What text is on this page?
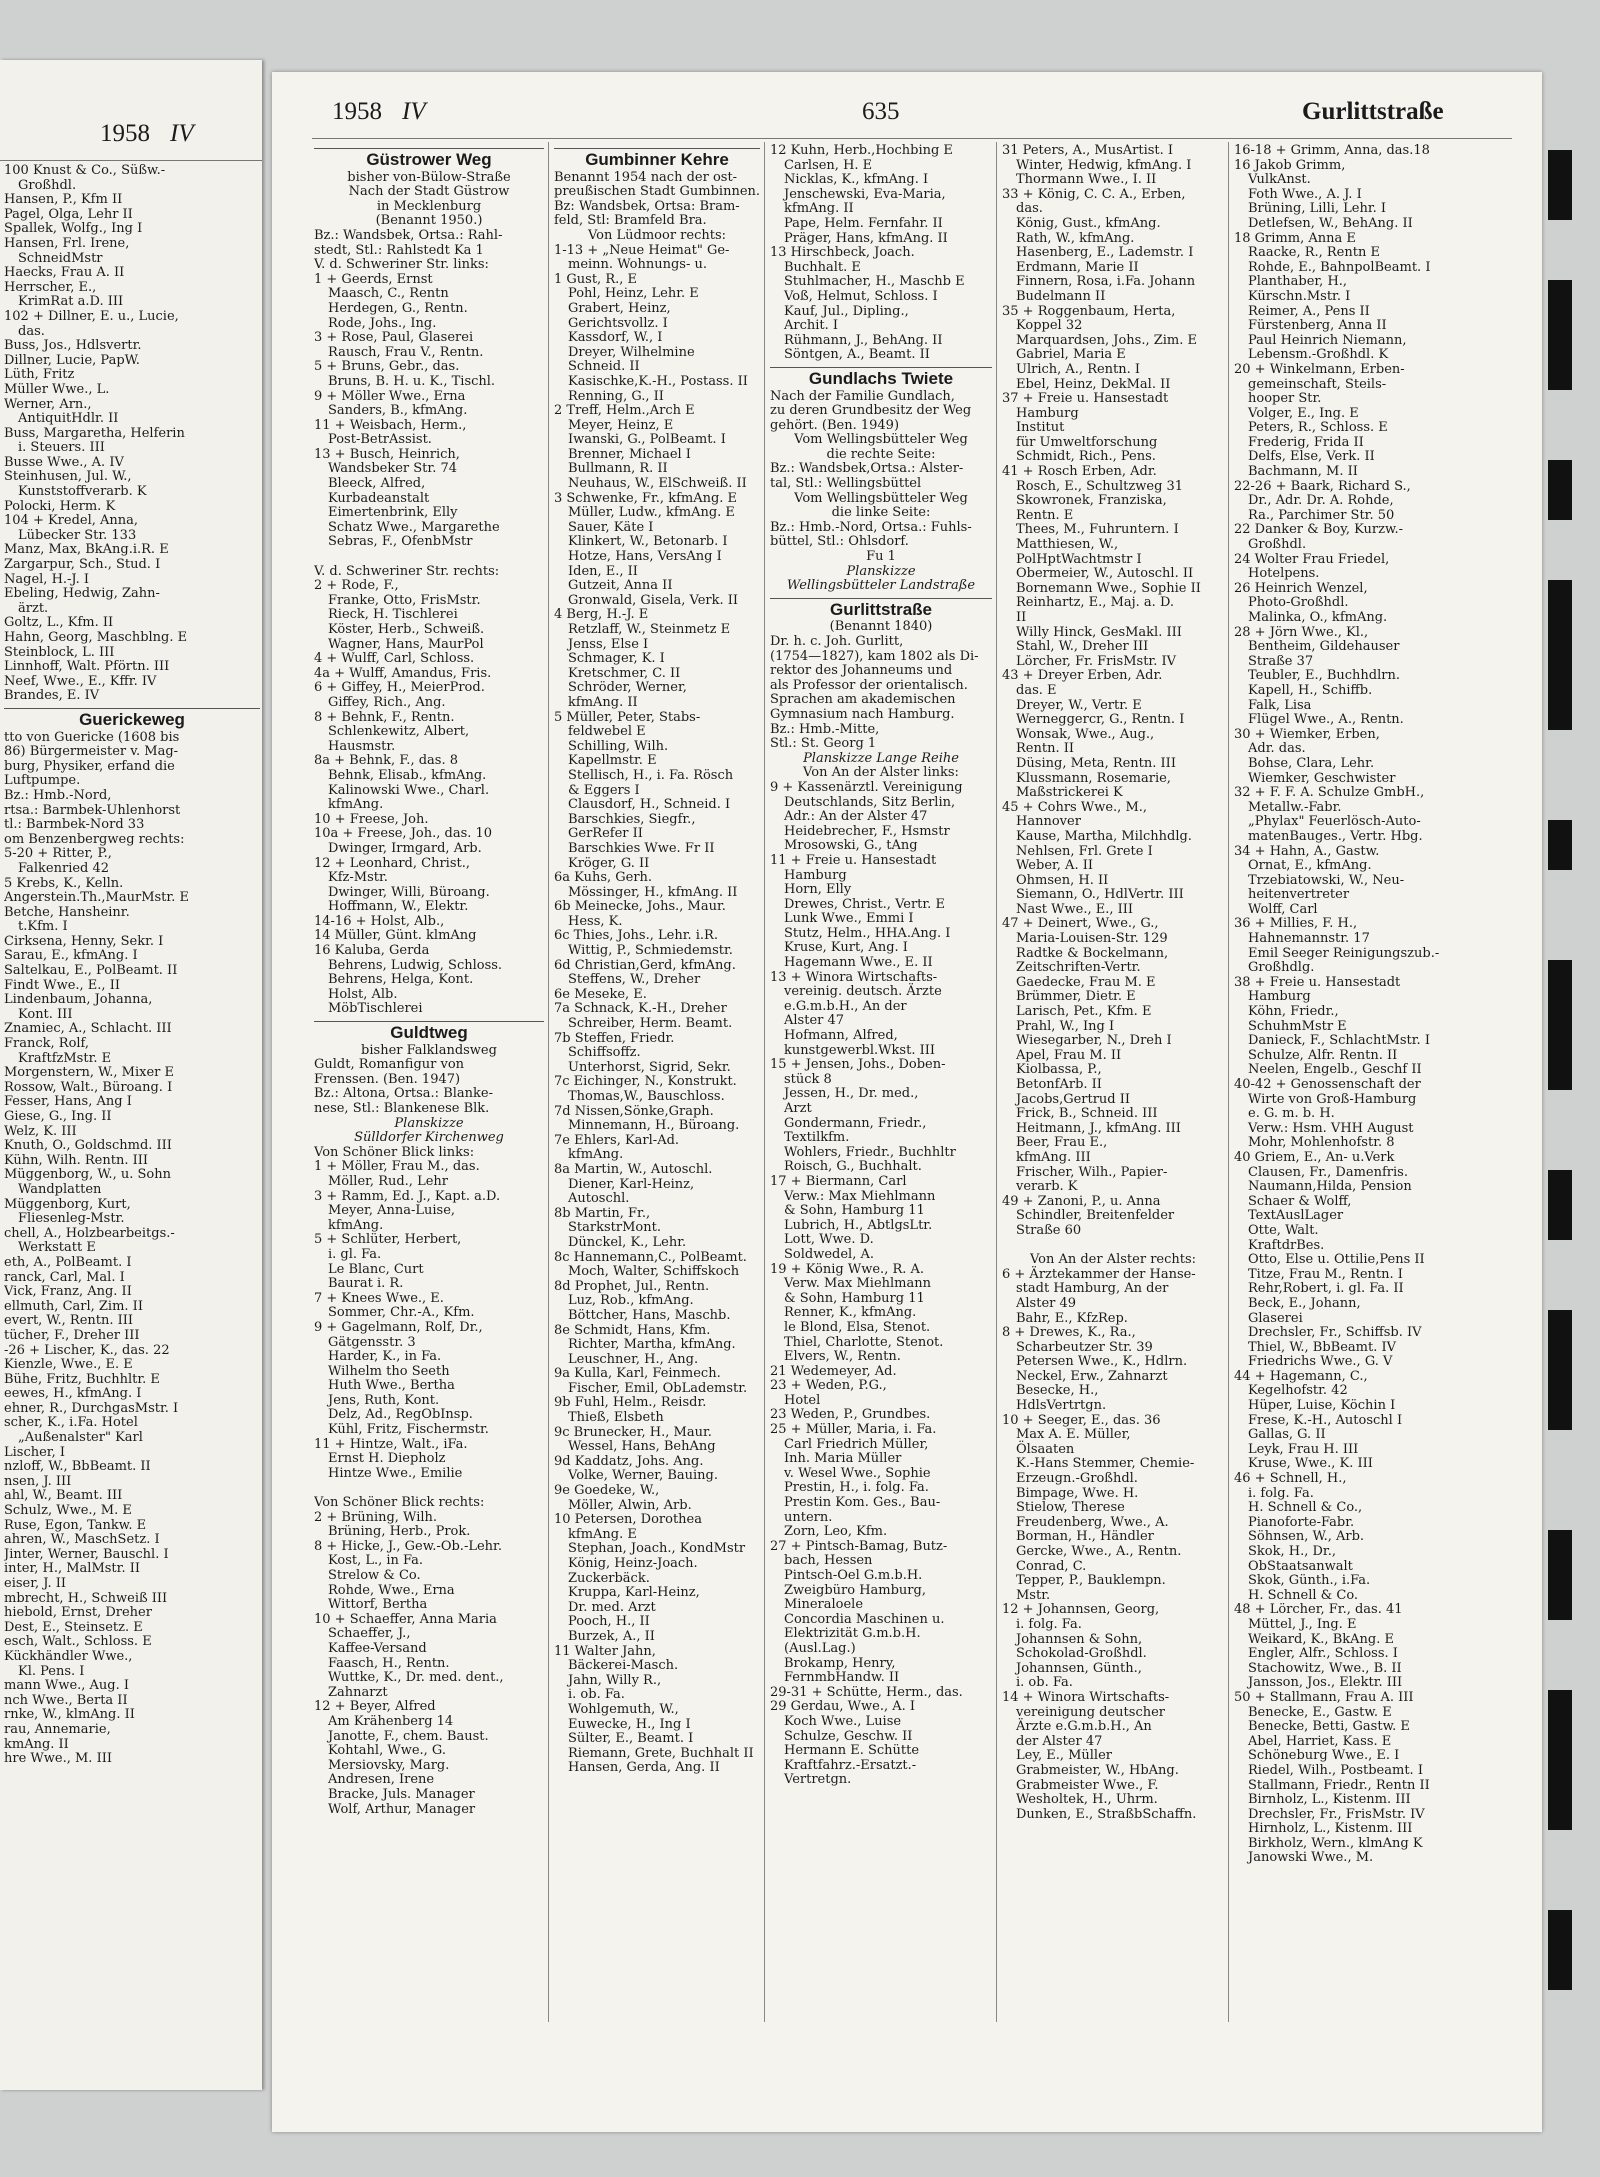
1958 IV
100 Knust & Co., Süßw.-
Großhdl.
Hansen, P., Kfm II
Pagel, Olga, Lehr II
Spallek, Wolfg., Ing I
Hansen, Frl. Irene,
SchneidMstr
Haecks, Frau A. II
Herrscher, E.,
KrimRat a.D. III
102 + Dillner, E. u., Lucie,
das.
Buss, Jos., Hdlsvertr.
Dillner, Lucie, PapW.
Lüth, Fritz
Müller Wwe., L.
Werner, Arn.,
AntiquitHdlr. II
Buss, Margaretha, Helferin
i. Steuers. III
Busse Wwe., A. IV
Steinhusen, Jul. W.,
Kunststoffverarb. K
Polocki, Herm. K
104 + Kredel, Anna,
Lübecker Str. 133
Manz, Max, BkAng.i.R. E
Zargarpur, Sch., Stud. I
Nagel, H.-J. I
Ebeling, Hedwig, Zahn-
ärzt.
Goltz, L., Kfm. II
Hahn, Georg, Maschblng. E
Steinblock, L. III
Linnhoff, Walt. Pförtn. III
Neef, Wwe., E., Kffr. IV
Brandes, E. IV
Guerickeweg
tto von Guericke (1608 bis
86) Bürgermeister v. Mag-
burg, Physiker, erfand die
Luftpumpe.
Bz.: Hmb.-Nord,
rtsa.: Barmbek-Uhlenhorst
tl.: Barmbek-Nord 33
om Benzenbergweg rechts:
5-20 + Ritter, P.,
Falkenried 42
5 Krebs, K., Kelln.
Angerstein.Th.,MaurMstr. E
Betche, Hansheinr.
t.Kfm. I
Cirksena, Henny, Sekr. I
Sarau, E., kfmAng. I
Saltelkau, E., PolBeamt. II
Findt Wwe., E., II
Lindenbaum, Johanna,
Kont. III
Znamiec, A., Schlacht. III
Franck, Rolf,
KraftfzMstr. E
Morgenstern, W., Mixer E
Rossow, Walt., Büroang. I
Fesser, Hans, Ang I
Giese, G., Ing. II
Welz, K. III
Knuth, O., Goldschmd. III
Kühn, Wilh. Rentn. III
Müggenborg, W., u. Sohn
Wandplatten
Müggenborg, Kurt,
Fliesenleg-Mstr.
chell, A., Holzbearbeitgs.-
Werkstatt E
eth, A., PolBeamt. I
ranck, Carl, Mal. I
Vick, Franz, Ang. II
ellmuth, Carl, Zim. II
evert, W., Rentn. III
tücher, F., Dreher III
-26 + Lischer, K., das. 22
Kienzle, Wwe., E. E
Bühe, Fritz, Buchhltr. E
eewes, H., kfmAng. I
ehner, R., DurchgasMstr. I
scher, K., i.Fa. Hotel
„Außenalster" Karl
Lischer, I
nzloff, W., BbBeamt. II
nsen, J. III
ahl, W., Beamt. III
Schulz, Wwe., M. E
Ruse, Egon, Tankw. E
ahren, W., MaschSetz. I
Jinter, Werner, Bauschl. I
inter, H., MalMstr. II
eiser, J. II
mbrecht, H., Schweiß III
hiebold, Ernst, Dreher
Dest, E., Steinsetz. E
esch, Walt., Schloss. E
Kückhändler Wwe.,
Kl. Pens. I
mann Wwe., Aug. I
nch Wwe., Berta II
rnke, W., klmAng. II
rau, Annemarie,
kmAng. II
hre Wwe., M. III
1958 IV	635	Gurlittstraße
Güstrower Weg
bisher von-Bülow-Straße
Nach der Stadt Güstrow
in Mecklenburg
(Benannt 1950.)
Bz.: Wandsbek, Ortsa.: Rahl-
stedt, Stl.: Rahlstedt Ka 1
V. d. Schweriner Str. links:
1 + Geerds, Ernst
Maasch, C., Rentn
Herdegen, G., Rentn.
Rode, Johs., Ing.
3 + Rose, Paul, Glaserei
Rausch, Frau V., Rentn.
5 + Bruns, Gebr., das.
Bruns, B. H. u. K., Tischl.
9 + Möller Wwe., Erna
Sanders, B., kfmAng.
11 + Weisbach, Herm.,
Post-BetrAssist.
13 + Busch, Heinrich,
Wandsbeker Str. 74
Bleeck, Alfred,
Kurbadeanstalt
Eimertenbrink, Elly
Schatz Wwe., Margarethe
Sebras, F., OfenbMstr

V. d. Schweriner Str. rechts:
2 + Rode, F.,
Franke, Otto, FrisMstr.
Rieck, H. Tischlerei
Köster, Herb., Schweiß.
Wagner, Hans, MaurPol
4 + Wulff, Carl, Schloss.
4a + Wulff, Amandus, Fris.
6 + Giffey, H., MeierProd.
Giffey, Rich., Ang.
8 + Behnk, F., Rentn.
Schlenkewitz, Albert,
Hausmstr.
8a + Behnk, F., das. 8
Behnk, Elisab., kfmAng.
Kalinowski Wwe., Charl.
kfmAng.
10 + Freese, Joh.
10a + Freese, Joh., das. 10
Dwinger, Irmgard, Arb.
12 + Leonhard, Christ.,
Kfz-Mstr.
Dwinger, Willi, Büroang.
Hoffmann, W., Elektr.
14-16 + Holst, Alb.,
14 Müller, Günt. klmAng
16 Kaluba, Gerda
Behrens, Ludwig, Schloss.
Behrens, Helga, Kont.
Holst, Alb.
MöbTischlerei
Guldtweg
bisher Falklandsweg
Guldt, Romanfigur von
Frenssen. (Ben. 1947)
Bz.: Altona, Ortsa.: Blanke-
nese, Stl.: Blankenese Blk.
Planskizze
Sülldorfer Kirchenweg
Von Schöner Blick links:
1 + Möller, Frau M., das.
Möller, Rud., Lehr
3 + Ramm, Ed. J., Kapt. a.D.
Meyer, Anna-Luise,
kfmAng.
5 + Schlüter, Herbert,
i. gl. Fa.
Le Blanc, Curt
Baurat i. R.
7 + Knees Wwe., E.
Sommer, Chr.-A., Kfm.
9 + Gagelmann, Rolf, Dr.,
Gätgensstr. 3
Harder, K., in Fa.
Wilhelm tho Seeth
Huth Wwe., Bertha
Jens, Ruth, Kont.
Delz, Ad., RegObInsp.
Kühl, Fritz, Fischermstr.
11 + Hintze, Walt., iFa.
Ernst H. Diepholz
Hintze Wwe., Emilie

Von Schöner Blick rechts:
2 + Brüning, Wilh.
Brüning, Herb., Prok.
8 + Hicke, J., Gew.-Ob.-Lehr.
Kost, L., in Fa.
Strelow & Co.
Rohde, Wwe., Erna
Wittorf, Bertha
10 + Schaeffer, Anna Maria
Schaeffer, J.,
Kaffee-Versand
Faasch, H., Rentn.
Wuttke, K., Dr. med. dent.,
Zahnarzt
12 + Beyer, Alfred
Am Krähenberg 14
Janotte, F., chem. Baust.
Kohtahl, Wwe., G.
Mersiovsky, Marg.
Andresen, Irene
Bracke, Juls. Manager
Wolf, Arthur, Manager
Gumbinner Kehre
Benannt 1954 nach der ost-
preußischen Stadt Gumbinnen.
Bz: Wandsbek, Ortsa: Bram-
feld, Stl: Bramfeld Bra.
Von Lüdmoor rechts:
1-13 + „Neue Heimat" Ge-
meinn. Wohnungs- u.
1 Gust, R., E
Pohl, Heinz, Lehr. E
Grabert, Heinz,
Gerichtsvollz. I
Kassdorf, W., I
Dreyer, Wilhelmine
Schneid. II
Kasischke,K.-H., Postass. II
Renning, G., II
2 Treff, Helm.,Arch E
Meyer, Heinz, E
Iwanski, G., PolBeamt. I
Brenner, Michael I
Bullmann, R. II
Neuhaus, W., ElSchweiß. II
3 Schwenke, Fr., kfmAng. E
Müller, Ludw., kfmAng. E
Sauer, Käte I
Klinkert, W., Betonarb. I
Hotze, Hans, VersAng I
Iden, E., II
Gutzeit, Anna II
Gronwald, Gisela, Verk. II
4 Berg, H.-J. E
Retzlaff, W., Steinmetz E
Jenss, Else I
Schmager, K. I
Kretschmer, C. II
Schröder, Werner,
kfmAng. II
5 Müller, Peter, Stabs-
feldwebel E
Schilling, Wilh.
Kapellmstr. E
Stellisch, H., i. Fa. Rösch
& Eggers I
Clausdorf, H., Schneid. I
Barschkies, Siegfr.,
GerRefer II
Barschkies Wwe. Fr II
Kröger, G. II
6a Kuhs, Gerh.
Mössinger, H., kfmAng. II
6b Meinecke, Johs., Maur.
Hess, K.
6c Thies, Johs., Lehr. i.R.
Wittig, P., Schmiedemstr.
6d Christian,Gerd, kfmAng.
Steffens, W., Dreher
6e Meseke, E.
7a Schnack, K.-H., Dreher
Schreiber, Herm. Beamt.
7b Steffen, Friedr.
Schiffsoffz.
Unterhorst, Sigrid, Sekr.
7c Eichinger, N., Konstrukt.
Thomas,W., Bauschloss.
7d Nissen,Sönke,Graph.
Minnemann, H., Büroang.
7e Ehlers, Karl-Ad.
kfmAng.
8a Martin, W., Autoschl.
Diener, Karl-Heinz,
Autoschl.
8b Martin, Fr.,
StarkstrMont.
Dünckel, K., Lehr.
8c Hannemann,C., PolBeamt.
Moch, Walter, Schiffskoch
8d Prophet, Jul., Rentn.
Luz, Rob., kfmAng.
Böttcher, Hans, Maschb.
8e Schmidt, Hans, Kfm.
Richter, Martha, kfmAng.
Leuschner, H., Ang.
9a Kulla, Karl, Feinmech.
Fischer, Emil, ObLademstr.
9b Fuhl, Helm., Reisdr.
Thieß, Elsbeth
9c Brunecker, H., Maur.
Wessel, Hans, BehAng
9d Kaddatz, Johs. Ang.
Volke, Werner, Bauing.
9e Goedeke, W.,
Möller, Alwin, Arb.
10 Petersen, Dorothea
kfmAng. E
Stephan, Joach., KondMstr
König, Heinz-Joach.
Zuckerbäck.
Kruppa, Karl-Heinz,
Dr. med. Arzt
Pooch, H., II
Burzek, A., II
11 Walter Jahn,
Bäckerei-Masch.
Jahn, Willy R.,
i. ob. Fa.
Wohlgemuth, W.,
Euwecke, H., Ing I
Sülter, E., Beamt. I
Riemann, Grete, Buchhalt II
Hansen, Gerda, Ang. II
12 Kuhn, Herb.,Hochbing E
Carlsen, H. E
Nicklas, K., kfmAng. I
Jenschewski, Eva-Maria,
kfmAng. II
Pape, Helm. Fernfahr. II
Präger, Hans, kfmAng. II
13 Hirschbeck, Joach.
Buchhalt. E
Stuhlmacher, H., Maschb E
Voß, Helmut, Schloss. I
Kauf, Jul., Dipling.,
Archit. I
Rühmann, J., BehAng. II
Söntgen, A., Beamt. II
Gundlachs Twiete
Nach der Familie Gundlach,
zu deren Grundbesitz der Weg
gehört. (Ben. 1949)
Vom Wellingsbütteler Weg
die rechte Seite:
Bz.: Wandsbek,Ortsa.: Alster-
tal, Stl.: Wellingsbüttel
Vom Wellingsbütteler Weg
die linke Seite:
Bz.: Hmb.-Nord, Ortsa.: Fuhls-
büttel, Stl.: Ohlsdorf.
Fu 1
Planskizze
Wellingsbütteler Landstraße
Gurlittstraße
(Benannt 1840)
Dr. h. c. Joh. Gurlitt,
(1754—1827), kam 1802 als Di-
rektor des Johanneums und
als Professor der orientalisch.
Sprachen am akademischen
Gymnasium nach Hamburg.
Bz.: Hmb.-Mitte,
Stl.: St. Georg 1
Planskizze Lange Reihe
Von An der Alster links:
9 + Kassenärztl. Vereinigung
Deutschlands, Sitz Berlin,
Adr.: An der Alster 47
Heidebrecher, F., Hsmstr
Mrosowski, G., tAng
11 + Freie u. Hansestadt
Hamburg
Horn, Elly
Drewes, Christ., Vertr. E
Lunk Wwe., Emmi I
Stutz, Helm., HHA.Ang. I
Kruse, Kurt, Ang. I
Hagemann Wwe., E. II
13 + Winora Wirtschafts-
vereinig. deutsch. Ärzte
e.G.m.b.H., An der
Alster 47
Hofmann, Alfred,
kunstgewerbl.Wkst. III
15 + Jensen, Johs., Doben-
stück 8
Jessen, H., Dr. med.,
Arzt
Gondermann, Friedr.,
Textilkfm.
Wohlers, Friedr., Buchhltr
Roisch, G., Buchhalt.
17 + Biermann, Carl
Verw.: Max Miehlmann
& Sohn, Hamburg 11
Lubrich, H., AbtlgsLtr.
Lott, Wwe. D.
Soldwedel, A.
19 + König Wwe., R. A.
Verw. Max Miehlmann
& Sohn, Hamburg 11
Renner, K., kfmAng.
le Blond, Elsa, Stenot.
Thiel, Charlotte, Stenot.
Elvers, W., Rentn.
21 Wedemeyer, Ad.
23 + Weden, P.G.,
Hotel
23 Weden, P., Grundbes.
25 + Müller, Maria, i. Fa.
Carl Friedrich Müller,
Inh. Maria Müller
v. Wesel Wwe., Sophie
Prestin, H., i. folg. Fa.
Prestin Kom. Ges., Bau-
untern.
Zorn, Leo, Kfm.
27 + Pintsch-Bamag, Butz-
bach, Hessen
Pintsch-Oel G.m.b.H.
Zweigbüro Hamburg,
Mineraloele
Concordia Maschinen u.
Elektrizität G.m.b.H.
(Ausl.Lag.)
Brokamp, Henry,
FernmbHandw. II
29-31 + Schütte, Herm., das.
29 Gerdau, Wwe., A. I
Koch Wwe., Luise
Schulze, Geschw. II
Hermann E. Schütte
Kraftfahrz.-Ersatzt.-
Vertretgn.
31 Peters, A., MusArtist. I
Winter, Hedwig, kfmAng. I
Thormann Wwe., I. II
33 + König, C. C. A., Erben,
das.
König, Gust., kfmAng.
Rath, W., kfmAng.
Hasenberg, E., Lademstr. I
Erdmann, Marie II
Finnern, Rosa, i.Fa. Johann
Budelmann II
35 + Roggenbaum, Herta,
Koppel 32
Marquardsen, Johs., Zim. E
Gabriel, Maria E
Ulrich, A., Rentn. I
Ebel, Heinz, DekMal. II
37 + Freie u. Hansestadt
Hamburg
Institut
für Umweltforschung
Schmidt, Rich., Pens.
41 + Rosch Erben, Adr.
Rosch, E., Schultzweg 31
Skowronek, Franziska,
Rentn. E
Thees, M., Fuhruntern. I
Matthiesen, W.,
PolHptWachtmstr I
Obermeier, W., Autoschl. II
Bornemann Wwe., Sophie II
Reinhartz, E., Maj. a. D.
II
Willy Hinck, GesMakl. III
Stahl, W., Dreher III
Lörcher, Fr. FrisMstr. IV
43 + Dreyer Erben, Adr.
das. E
Dreyer, W., Vertr. E
Werneggercr, G., Rentn. I
Wonsak, Wwe., Aug.,
Rentn. II
Düsing, Meta, Rentn. III
Klussmann, Rosemarie,
Maßstrickerei K
45 + Cohrs Wwe., M.,
Hannover
Kause, Martha, Milchhdlg.
Nehlsen, Frl. Grete I
Weber, A. II
Ohmsen, H. II
Siemann, O., HdlVertr. III
Nast Wwe., E., III
47 + Deinert, Wwe., G.,
Maria-Louisen-Str. 129
Radtke & Bockelmann,
Zeitschriften-Vertr.
Gaedecke, Frau M. E
Brümmer, Dietr. E
Larisch, Pet., Kfm. E
Prahl, W., Ing I
Wiesegarber, N., Dreh I
Apel, Frau M. II
Kiolbassa, P.,
BetonfArb. II
Jacobs,Gertrud II
Frick, B., Schneid. III
Heitmann, J., kfmAng. III
Beer, Frau E.,
kfmAng. III
Frischer, Wilh., Papier-
verarb. K
49 + Zanoni, P., u. Anna
Schindler, Breitenfelder
Straße 60

Von An der Alster rechts:
6 + Ärztekammer der Hanse-
stadt Hamburg, An der
Alster 49
Bahr, E., KfzRep.
8 + Drewes, K., Ra.,
Scharbeutzer Str. 39
Petersen Wwe., K., Hdlrn.
Neckel, Erw., Zahnarzt
Besecke, H.,
HdlsVertrtgn.
10 + Seeger, E., das. 36
Max A. E. Müller,
Ölsaaten
K.-Hans Stemmer, Chemie-
Erzeugn.-Großhdl.
Bimpage, Wwe. H.
Stielow, Therese
Freudenberg, Wwe., A.
Borman, H., Händler
Gercke, Wwe., A., Rentn.
Conrad, C.
Tepper, P., Bauklempn.
Mstr.
12 + Johannsen, Georg,
i. folg. Fa.
Johannsen & Sohn,
Schokolad-Großhdl.
Johannsen, Günth.,
i. ob. Fa.
14 + Winora Wirtschafts-
vereinigung deutscher
Ärzte e.G.m.b.H., An
der Alster 47
Ley, E., Müller
Grabmeister, W., HbAng.
Grabmeister Wwe., F.
Wesholtek, H., Uhrm.
Dunken, E., StraßbSchaffn.
16-18 + Grimm, Anna, das.18
16 Jakob Grimm,
VulkAnst.
Foth Wwe., A. J. I
Brüning, Lilli, Lehr. I
Detlefsen, W., BehAng. II
18 Grimm, Anna E
Raacke, R., Rentn E
Rohde, E., BahnpolBeamt. I
Planthaber, H.,
Kürschn.Mstr. I
Reimer, A., Pens II
Fürstenberg, Anna II
Paul Heinrich Niemann,
Lebensm.-Großhdl. K
20 + Winkelmann, Erben-
gemeinschaft, Steils-
hooper Str.
Volger, E., Ing. E
Peters, R., Schloss. E
Frederig, Frida II
Delfs, Else, Verk. II
Bachmann, M. II
22-26 + Baark, Richard S.,
Dr., Adr. Dr. A. Rohde,
Ra., Parchimer Str. 50
22 Danker & Boy, Kurzw.-
Großhdl.
24 Wolter Frau Friedel,
Hotelpens.
26 Heinrich Wenzel,
Photo-Großhdl.
Malinka, O., kfmAng.
28 + Jörn Wwe., Kl.,
Bentheim, Gildehauser
Straße 37
Teubler, E., Buchhdlrn.
Kapell, H., Schiffb.
Falk, Lisa
Flügel Wwe., A., Rentn.
30 + Wiemker, Erben,
Adr. das.
Bohse, Clara, Lehr.
Wiemker, Geschwister
32 + F. F. A. Schulze GmbH.,
Metallw.-Fabr.
„Phylax" Feuerlösch-Auto-
matenBauges., Vertr. Hbg.
34 + Hahn, A., Gastw.
Ornat, E., kfmAng.
Trzebiatowski, W., Neu-
heitenvertreter
Wolff, Carl
36 + Millies, F. H.,
Hahnemannstr. 17
Emil Seeger Reinigungszub.-
Großhdlg.
38 + Freie u. Hansestadt
Hamburg
Köhn, Friedr.,
SchuhmMstr E
Danieck, F., SchlachtMstr. I
Schulze, Alfr. Rentn. II
Neelen, Engelb., Geschf II
40-42 + Genossenschaft der
Wirte von Groß-Hamburg
e. G. m. b. H.
Verw.: Hsm. VHH August
Mohr, Mohlenhofstr. 8
40 Griem, E., An- u.Verk
Clausen, Fr., Damenfris.
Naumann,Hilda, Pension
Schaer & Wolff,
TextAuslLager
Otte, Walt.
KraftdrBes.
Otto, Else u. Ottilie,Pens II
Titze, Frau M., Rentn. I
Rehr,Robert, i. gl. Fa. II
Beck, E., Johann,
Glaserei
Drechsler, Fr., Schiffsb. IV
Thiel, W., BbBeamt. IV
Friedrichs Wwe., G. V
44 + Hagemann, C.,
Kegelhofstr. 42
Hüper, Luise, Köchin I
Frese, K.-H., Autoschl I
Gallas, G. II
Leyk, Frau H. III
Kruse, Wwe., K. III
46 + Schnell, H.,
i. folg. Fa.
H. Schnell & Co.,
Pianoforte-Fabr.
Söhnsen, W., Arb.
Skok, H., Dr.,
ObStaatsanwalt
Skok, Günth., i.Fa.
H. Schnell & Co.
48 + Lörcher, Fr., das. 41
Müttel, J., Ing. E
Weikard, K., BkAng. E
Engler, Alfr., Schloss. I
Stachowitz, Wwe., B. II
Jansson, Jos., Elektr. III
50 + Stallmann, Frau A. III
Benecke, E., Gastw. E
Benecke, Betti, Gastw. E
Abel, Harriet, Kass. E
Schöneburg Wwe., E. I
Riedel, Wilh., Postbeamt. I
Stallmann, Friedr., Rentn II
Birnholz, L., Kistenm. III
Drechsler, Fr., FrisMstr. IV
Hirnholz, L., Kistenm. III
Birkholz, Wern., klmAng K
Janowski Wwe., M.
